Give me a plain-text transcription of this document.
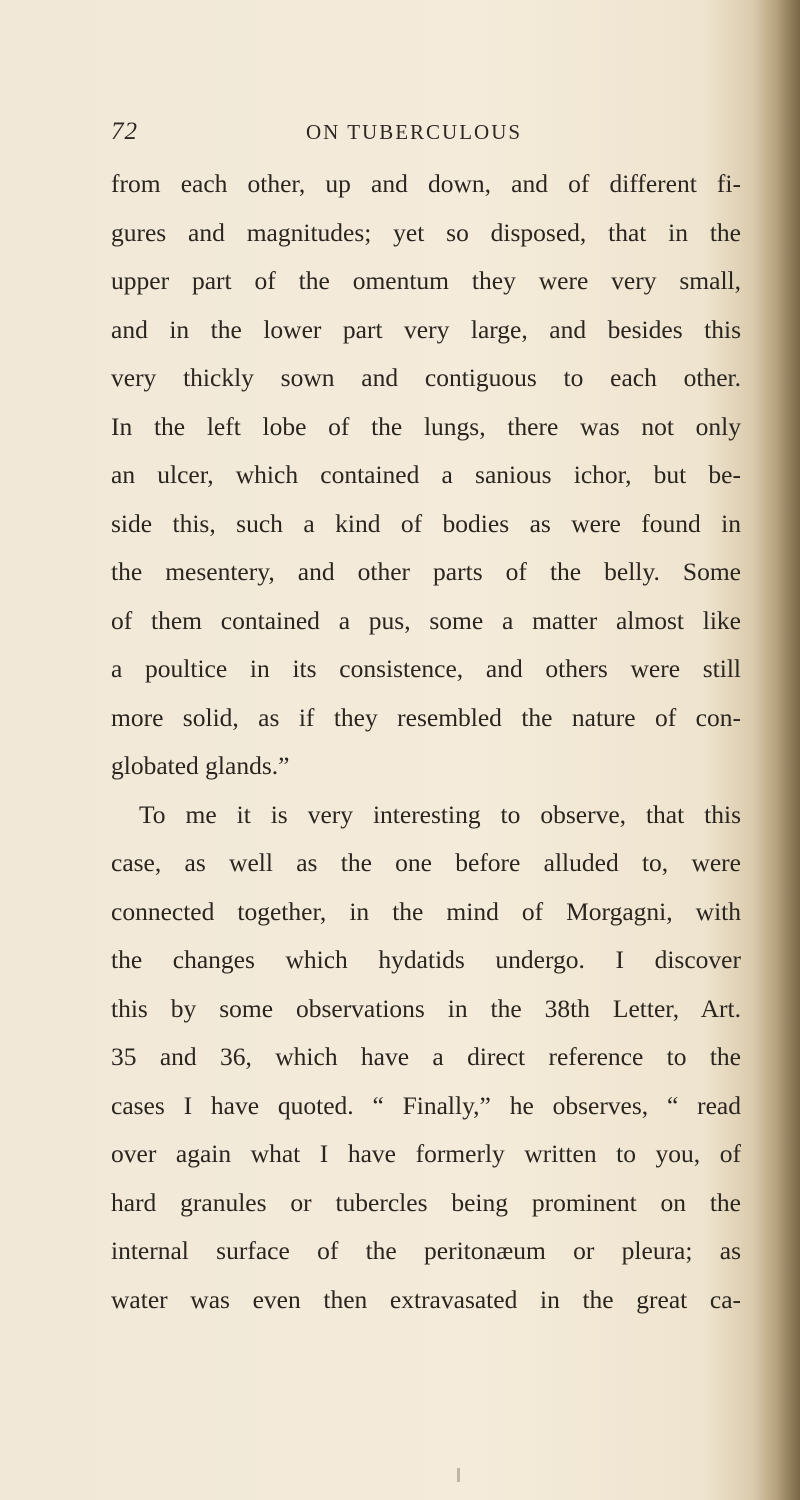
72	ON TUBERCULOUS
from each other, up and down, and of different fi-
gures and magnitudes; yet so disposed, that in the
upper part of the omentum they were very small,
and in the lower part very large, and besides this
very thickly sown and contiguous to each other.
In the left lobe of the lungs, there was not only
an ulcer, which contained a sanious ichor, but be-
side this, such a kind of bodies as were found in
the mesentery, and other parts of the belly. Some
of them contained a pus, some a matter almost like
a poultice in its consistence, and others were still
more solid, as if they resembled the nature of con-
globated glands.”
To me it is very interesting to observe, that this
case, as well as the one before alluded to, were
connected together, in the mind of Morgagni, with
the changes which hydatids undergo. I discover
this by some observations in the 38th Letter, Art.
35 and 36, which have a direct reference to the
cases I have quoted. “ Finally,” he observes, “ read
over again what I have formerly written to you, of
hard granules or tubercles being prominent on the
internal surface of the peritonæum or pleura; as
water was even then extravasated in the great ca-
